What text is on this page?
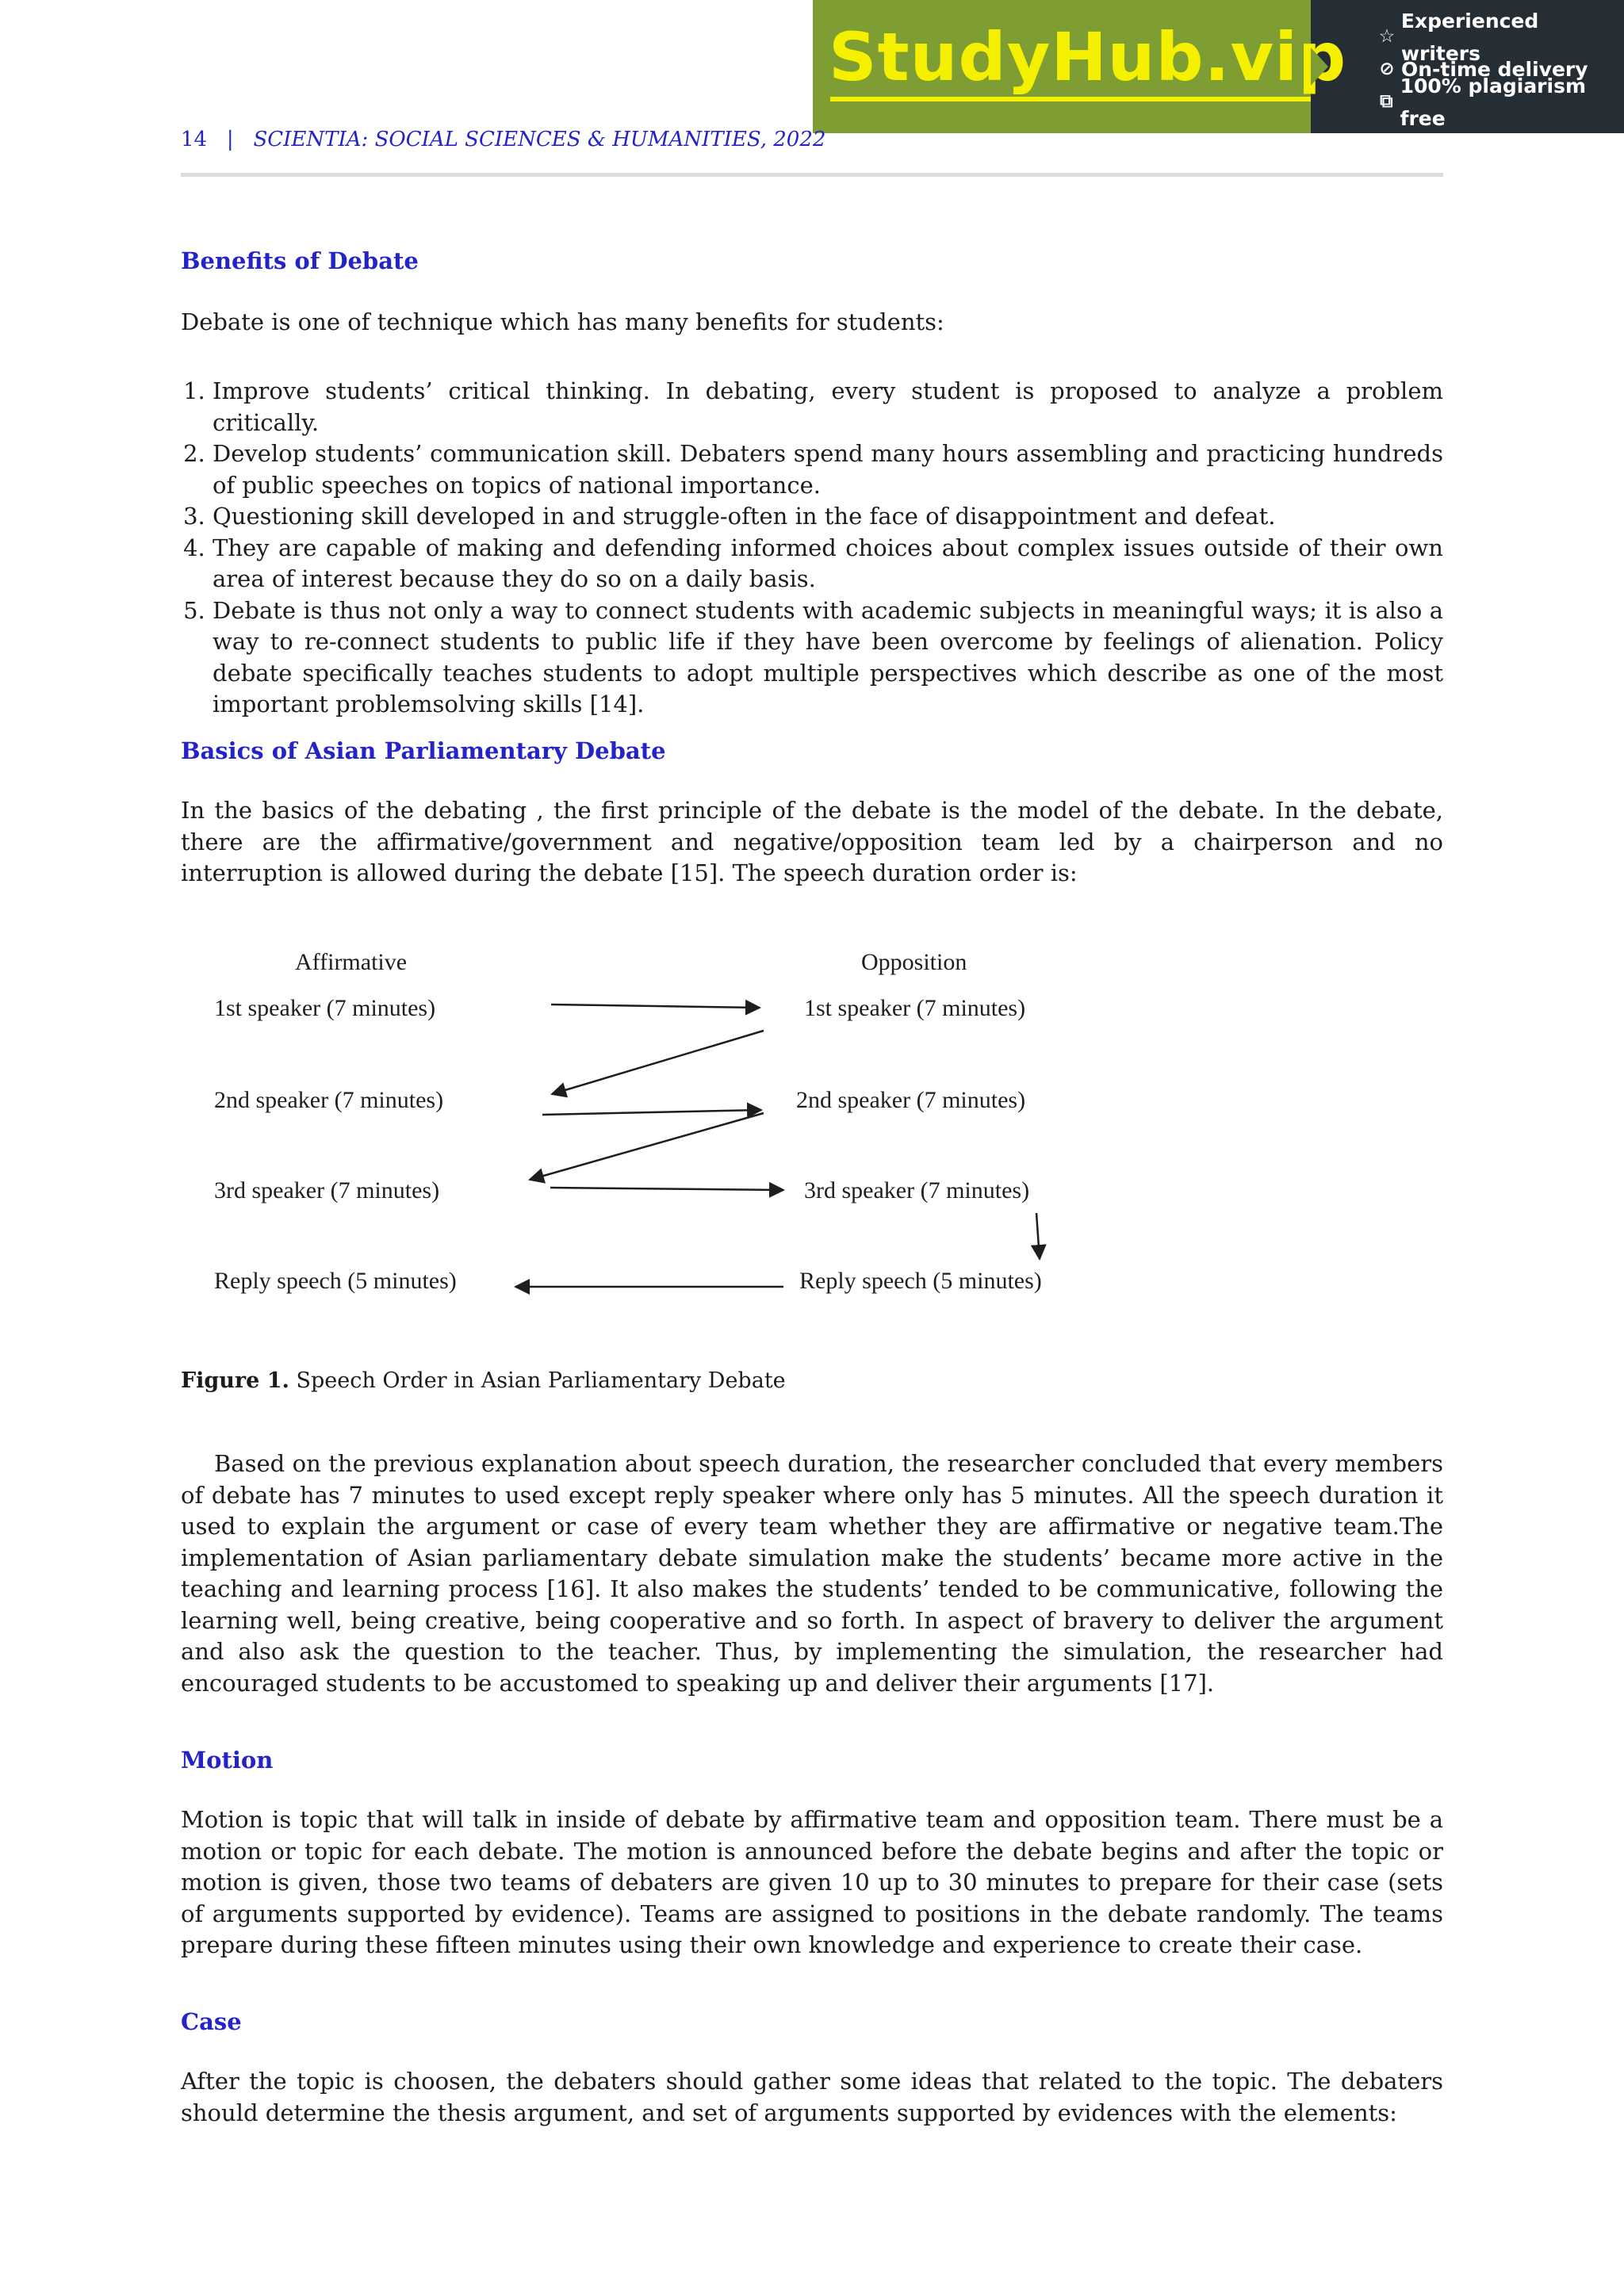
StudyHub.vip ☆
Experienced writers
⊘ On-time delivery
⧉
100% plagiarism free
14 | SCIENTIA: SOCIAL SCIENCES & HUMANITIES, 2022
Benefits of Debate
Debate is one of technique which has many benefits for students:
1. Improve students’ critical thinking. In debating, every student is proposed to analyze a problem critically.
2. Develop students’ communication skill. Debaters spend many hours assembling and practicing hundreds of public speeches on topics of national importance.
3. Questioning skill developed in and struggle-often in the face of disappointment and defeat.
4. They are capable of making and defending informed choices about complex issues outside of their own area of interest because they do so on a daily basis.
5. Debate is thus not only a way to connect students with academic subjects in meaningful ways; it is also a way to re-connect students to public life if they have been overcome by feelings of alienation. Policy debate specifically teaches students to adopt multiple perspectives which describe as one of the most important problemsolving skills [14].
Basics of Asian Parliamentary Debate
In the basics of the debating , the first principle of the debate is the model of the debate. In the debate, there are the affirmative/government and negative/opposition team led by a chairperson and no interruption is allowed during the debate [15]. The speech duration order is:
Affirmative	Opposition
1st speaker (7 minutes)
2nd speaker (7 minutes)
3rd speaker (7 minutes)
Reply speech (5 minutes)
1st speaker (7 minutes)
2nd speaker (7 minutes)
3rd speaker (7 minutes)
Reply speech (5 minutes)
Figure 1. Speech Order in Asian Parliamentary Debate
Based on the previous explanation about speech duration, the researcher concluded that every members of debate has 7 minutes to used except reply speaker where only has 5 minutes. All the speech duration it used to explain the argument or case of every team whether they are affirmative or negative team.The implementation of Asian parliamentary debate simulation make the students’ became more active in the teaching and learning process [16]. It also makes the students’ tended to be communicative, following the learning well, being creative, being cooperative and so forth. In aspect of bravery to deliver the argument and also ask the question to the teacher. Thus, by implementing the simulation, the researcher had encouraged students to be accustomed to speaking up and deliver their arguments [17].
Motion
Motion is topic that will talk in inside of debate by affirmative team and opposition team. There must be a motion or topic for each debate. The motion is announced before the debate begins and after the topic or motion is given, those two teams of debaters are given 10 up to 30 minutes to prepare for their case (sets of arguments supported by evidence). Teams are assigned to positions in the debate randomly. The teams prepare during these fifteen minutes using their own knowledge and experience to create their case.
Case
After the topic is choosen, the debaters should gather some ideas that related to the topic. The debaters should determine the thesis argument, and set of arguments supported by evidences with the elements:
